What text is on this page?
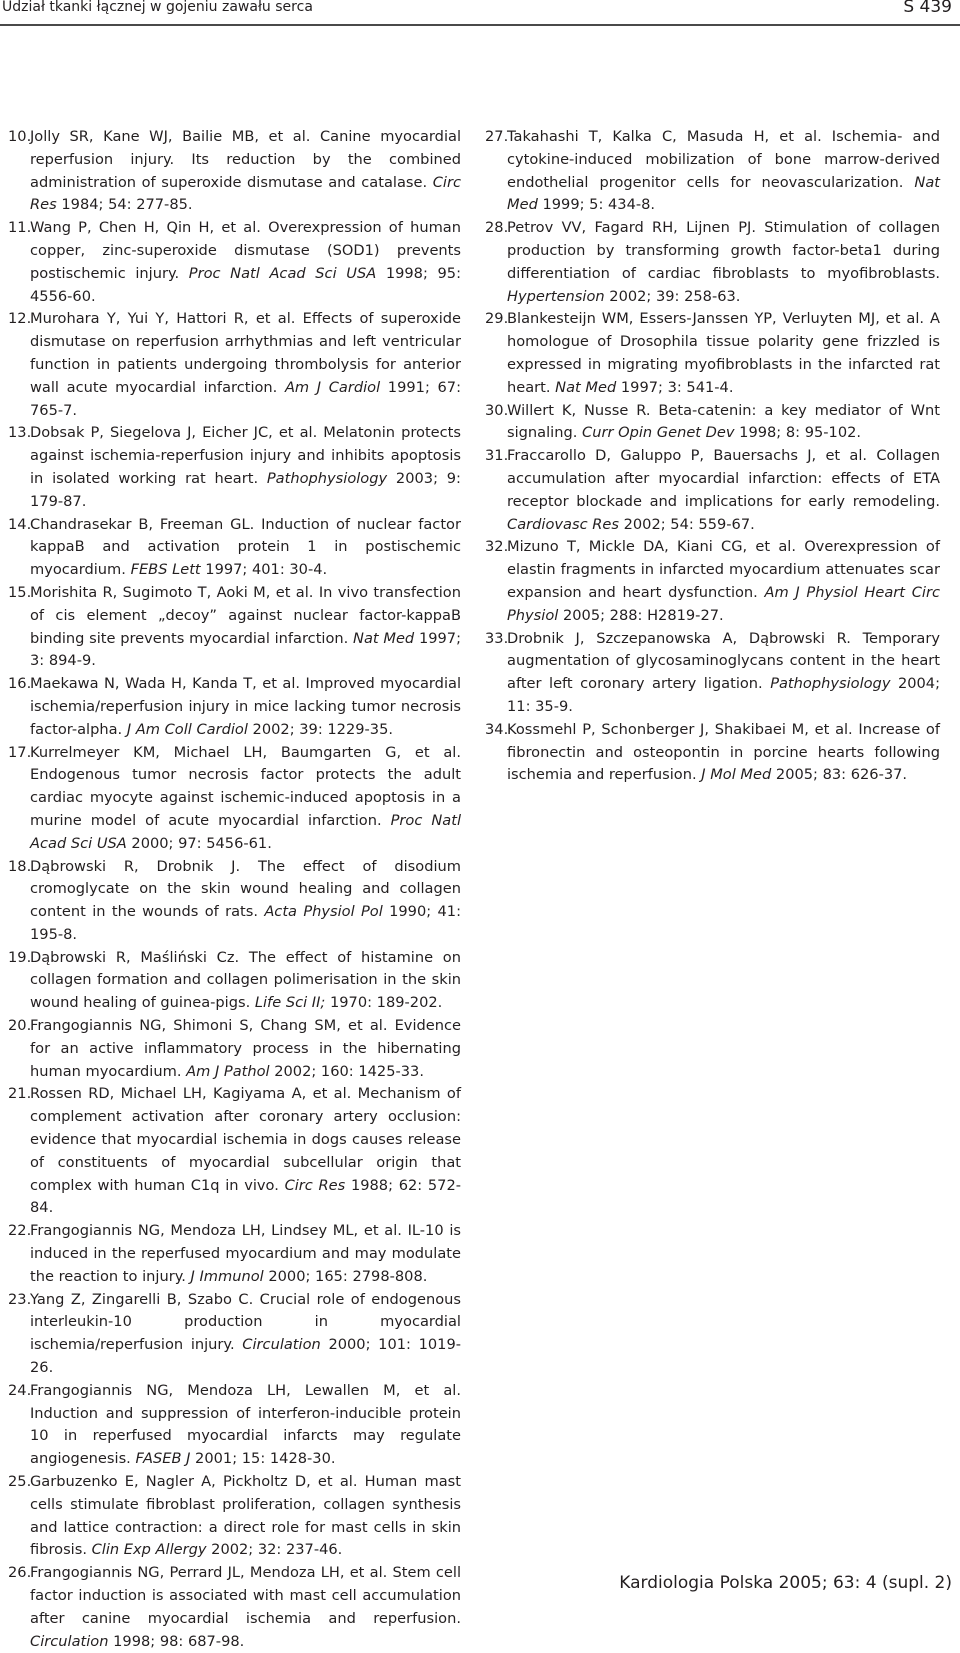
Udział tkanki łącznej w gojeniu zawału serca	S 439

10.
Jolly SR, Kane WJ, Bailie MB, et al. Canine myocardial reperfusion injury. Its reduction by the combined administration of superoxide dismutase and catalase. Circ Res 1984; 54: 277-85.

11.
Wang P, Chen H, Qin H, et al. Overexpression of human copper, zinc-superoxide dismutase (SOD1) prevents postischemic injury. Proc Natl Acad Sci USA 1998; 95: 4556-60.

12.
Murohara Y, Yui Y, Hattori R, et al. Effects of superoxide dismutase on reperfusion arrhythmias and left ventricular function in patients undergoing thrombolysis for anterior wall acute myocardial infarction. Am J Cardiol 1991; 67: 765-7.

13.
Dobsak P, Siegelova J, Eicher JC, et al. Melatonin protects against ischemia-reperfusion injury and inhibits apoptosis in isolated working rat heart. Pathophysiology 2003; 9: 179-87.

14.
Chandrasekar B, Freeman GL. Induction of nuclear factor kappaB and activation protein 1 in postischemic myocardium. FEBS Lett 1997; 401: 30-4.

15.
Morishita R, Sugimoto T, Aoki M, et al. In vivo transfection of cis element „decoy” against nuclear factor-kappaB binding site prevents myocardial infarction. Nat Med 1997; 3: 894-9.

16.
Maekawa N, Wada H, Kanda T, et al. Improved myocardial ischemia/reperfusion injury in mice lacking tumor necrosis factor-alpha. J Am Coll Cardiol 2002; 39: 1229-35.

17.
Kurrelmeyer KM, Michael LH, Baumgarten G, et al. Endogenous tumor necrosis factor protects the adult cardiac myocyte against ischemic-induced apoptosis in a murine model of acute myocardial infarction. Proc Natl Acad Sci USA 2000; 97: 5456-61.

18.
Dąbrowski R, Drobnik J. The effect of disodium cromoglycate on the skin wound healing and collagen content in the wounds of rats. Acta Physiol Pol 1990; 41: 195-8.

19.
Dąbrowski R, Maśliński Cz. The effect of histamine on collagen formation and collagen polimerisation in the skin wound healing of guinea-pigs. Life Sci II; 1970: 189-202.

20.
Frangogiannis NG, Shimoni S, Chang SM, et al. Evidence for an active inflammatory process in the hibernating human myocardium. Am J Pathol 2002; 160: 1425-33.

21.
Rossen RD, Michael LH, Kagiyama A, et al. Mechanism of complement activation after coronary artery occlusion: evidence that myocardial ischemia in dogs causes release of constituents of myocardial subcellular origin that complex with human C1q in vivo. Circ Res 1988; 62: 572-84.

22.
Frangogiannis NG, Mendoza LH, Lindsey ML, et al. IL-10 is induced in the reperfused myocardium and may modulate the reaction to injury. J Immunol 2000; 165: 2798-808.

23.
Yang Z, Zingarelli B, Szabo C. Crucial role of endogenous interleukin-10 production in myocardial ischemia/reperfusion injury. Circulation 2000; 101: 1019-26.

24.
Frangogiannis NG, Mendoza LH, Lewallen M, et al. Induction and suppression of interferon-inducible protein 10 in reperfused myocardial infarcts may regulate angiogenesis. FASEB J 2001; 15: 1428-30.

25.
Garbuzenko E, Nagler A, Pickholtz D, et al. Human mast cells stimulate fibroblast proliferation, collagen synthesis and lattice contraction: a direct role for mast cells in skin fibrosis. Clin Exp Allergy 2002; 32: 237-46.

26.
Frangogiannis NG, Perrard JL, Mendoza LH, et al. Stem cell factor induction is associated with mast cell accumulation after canine myocardial ischemia and reperfusion. Circulation 1998; 98: 687-98.

27.
Takahashi T, Kalka C, Masuda H, et al. Ischemia- and cytokine-induced mobilization of bone marrow-derived endothelial progenitor cells for neovascularization. Nat Med 1999; 5: 434-8.

28.
Petrov VV, Fagard RH, Lijnen PJ. Stimulation of collagen production by transforming growth factor-beta1 during differentiation of cardiac fibroblasts to myofibroblasts. Hypertension 2002; 39: 258-63.

29.
Blankesteijn WM, Essers-Janssen YP, Verluyten MJ, et al. A homologue of Drosophila tissue polarity gene frizzled is expressed in migrating myofibroblasts in the infarcted rat heart. Nat Med 1997; 3: 541-4.

30.
Willert K, Nusse R. Beta-catenin: a key mediator of Wnt signaling. Curr Opin Genet Dev 1998; 8: 95-102.

31.
Fraccarollo D, Galuppo P, Bauersachs J, et al. Collagen accumulation after myocardial infarction: effects of ETA receptor blockade and implications for early remodeling. Cardiovasc Res 2002; 54: 559-67.

32.
Mizuno T, Mickle DA, Kiani CG, et al. Overexpression of elastin fragments in infarcted myocardium attenuates scar expansion and heart dysfunction. Am J Physiol Heart Circ Physiol 2005; 288: H2819-27.

33.
Drobnik J, Szczepanowska A, Dąbrowski R. Temporary augmentation of glycosaminoglycans content in the heart after left coronary artery ligation. Pathophysiology 2004; 11: 35-9.

34.
Kossmehl P, Schonberger J, Shakibaei M, et al. Increase of fibronectin and osteopontin in porcine hearts following ischemia and reperfusion. J Mol Med 2005; 83: 626-37.

Kardiologia Polska 2005; 63: 4 (supl. 2)
